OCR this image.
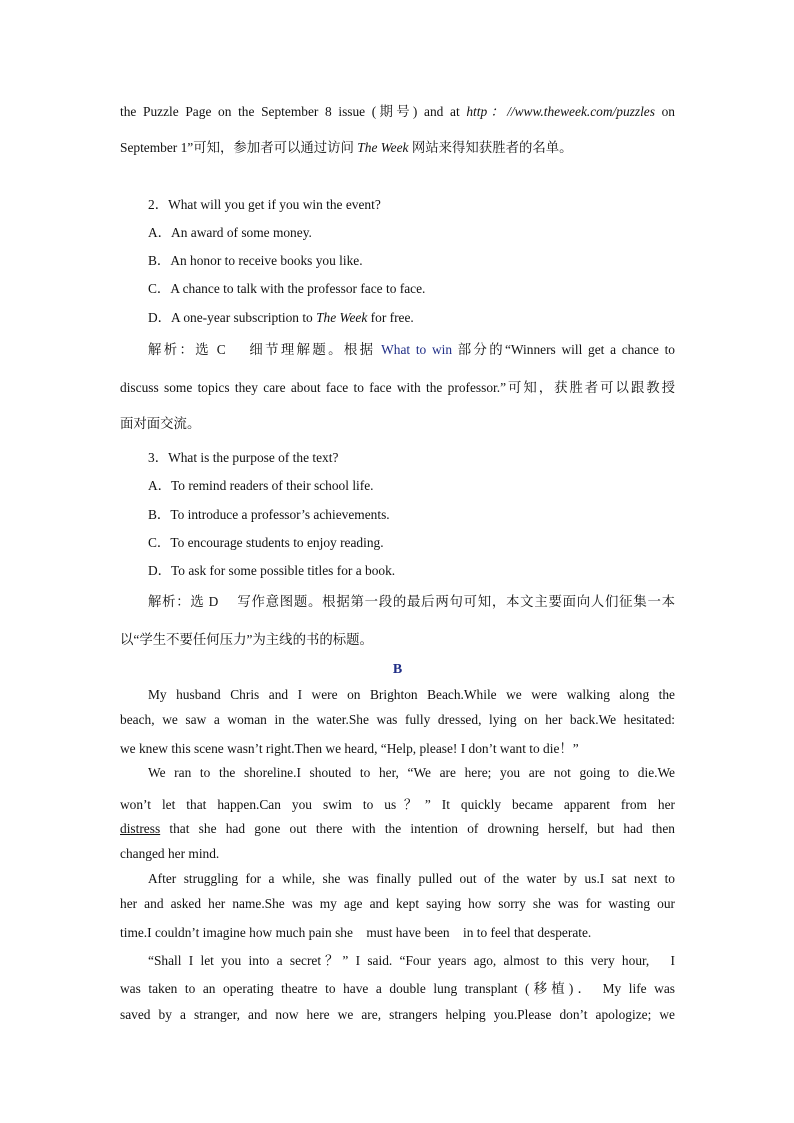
the Puzzle Page on the September 8 issue (期号) and at http：//www.theweek.com/puzzles on
September 1”可知，参加者可以通过访问 The Week 网站来得知获胜者的名单。
2．What will you get if you win the event?
A．An award of some money.
B．An honor to receive books you like.
C．A chance to talk with the professor face to face.
D．A one-year subscription to The Week for free.
解析：选 C　 细节理解题。根据 What to win 部分的“Winners will get a chance to
discuss some topics they care about face to face with the professor.”可知，获胜者可以跟教授
面对面交流。
3．What is the purpose of the text?
A．To remind readers of their school life.
B．To introduce a professor’s achievements.
C．To encourage students to enjoy reading.
D．To ask for some possible titles for a book.
解析：选 D　 写作意图题。根据第一段的最后两句可知，本文主要面向人们征集一本
以“学生不要任何压力”为主线的书的标题。
B
My husband Chris and I were on Brighton Beach.While we were walking along the
beach, we saw a woman in the water.She was fully dressed, lying on her back.We hesitated:
we knew this scene wasn’t right.Then we heard, “Help, please! I don’t want to die！”
We ran to the shoreline.I shouted to her, “We are here; you are not going to die.We
won’t let that happen.Can you swim to us？” It quickly became apparent from her
distress that she had gone out there with the intention of drowning herself, but had then
changed her mind.
After struggling for a while, she was finally pulled out of the water by us.I sat next to
her and asked her name.She was my age and kept saying how sorry she was for wasting our
time.I couldn’t imagine how much pain she　must have been　in to feel that desperate.
“Shall I let you into a secret？” I said. “Four years ago, almost to this very hour,　I
was taken to an operating theatre to have a double lung transplant (移植)． My life was
saved by a stranger, and now here we are, strangers helping you.Please don’t apologize; we
